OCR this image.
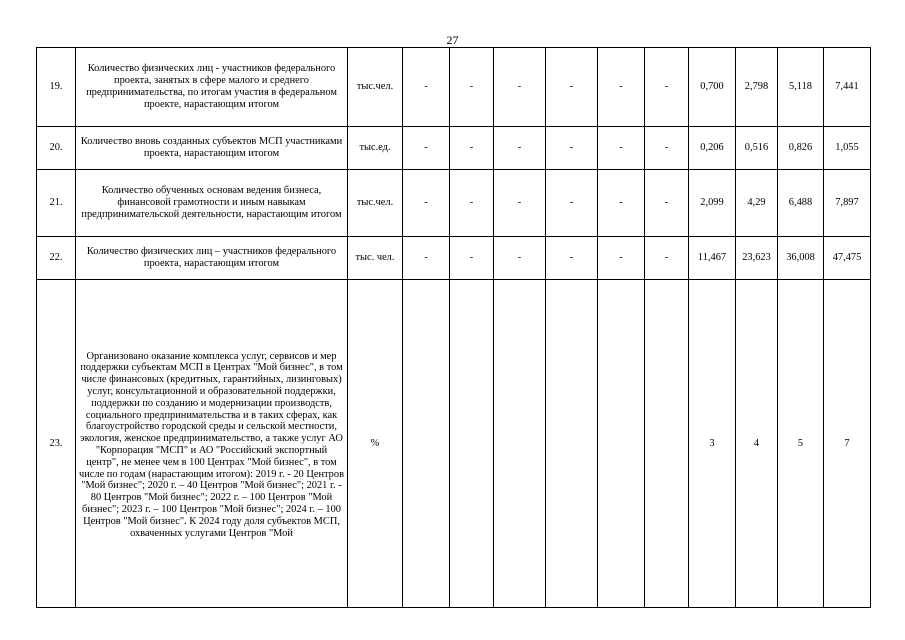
27
19.	Количество физических лиц - участников федерального проекта, занятых в сфере малого и среднего предпринимательства, по итогам участия в федеральном проекте, нарастающим итогом	тыс.чел.	-	-	-	-	-	-	0,700	2,798	5,118	7,441
20.	Количество вновь созданных субъектов МСП участниками проекта, нарастающим итогом	тыс.ед.	-	-	-	-	-	-	0,206	0,516	0,826	1,055
21.	Количество обученных основам ведения бизнеса, финансовой грамотности и иным навыкам предпринимательской деятельности, нарастающим итогом	тыс.чел.	-	-	-	-	-	-	2,099	4,29	6,488	7,897
22.	Количество физических лиц – участников федерального проекта, нарастающим итогом	тыс. чел.	-	-	-	-	-	-	11,467	23,623	36,008	47,475
23.	Организовано оказание комплекса услуг, сервисов и мер поддержки субъектам МСП в Центрах "Мой бизнес", в том числе финансовых (кредитных, гарантийных, лизинговых) услуг, консультационной и образовательной поддержки, поддержки по созданию и модернизации производств, социального предпринимательства и в таких сферах, как благоустройство городской среды и сельской местности, экология, женское предпринимательство, а также услуг АО "Корпорация "МСП" и АО "Российский экспортный центр", не менее чем в 100 Центрах "Мой бизнес", в том числе по годам (нарастающим итогом): 2019 г. - 20 Центров "Мой бизнес"; 2020 г. – 40 Центров "Мой бизнес"; 2021 г. - 80 Центров "Мой бизнес"; 2022 г. – 100 Центров "Мой бизнес"; 2023 г. – 100 Центров "Мой бизнес"; 2024 г. – 100 Центров "Мой бизнес". К 2024 году доля субъектов МСП, охваченных услугами Центров "Мой	%							3	4	5	7
